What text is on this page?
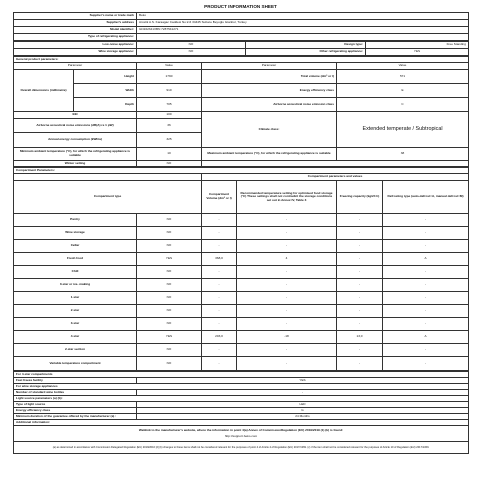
PRODUCT INFORMATION SHEET
Supplier's name or trade mark	Beko
Supplier's address	Arcelik A.S. Karaagac Caddesi No:2-6 34445 Sutluce Beyoglu Istanbul, Turkey
Model identifier:	GN162341XBN 7287541271
Type of refrigerating appliance:	
Low-noise appliance:	NO	Design type:	Free Standing
Wine storage appliance:	NO	Other refrigerating appliance:	YES
General product parameters:				
Parameter		Value	Parameter	Value
Overall dimensions (millimetre)	Height	1790	Total volume (dm³ or l)	571
	Width	910	Energy efficiency class	E
	Depth	705	Airborne acoustical noise emission class	C
EEI		100	Climate class:	Extended temperate / Subtropical
Airborne acoustical noise emissions (dB(A) re 1 pW)		36		
Annual energy consumption (kWh/a)		325		
Minimum ambient temperature (°C), for which the refrigerating appliance is suitable		10	Maximum ambient temperature (°C), for which the refrigerating appliance is suitable	38
Winter setting		NO		
Compartment Parameters:					
		Compartment parameters and values			
Compartment type		Compartment Volume (dm³ or l)	Recommended temperature setting for optimised food storage (°C) These settings shall not contradict the storage conditions set out in Annex IV, Table 3	Freezing capacity (kg/24 h)	Defrosting type (auto-defrost=A, manual defrost=M)
Pantry	NO	-	-	-	-
Wine storage	NO	-	-	-	-
Cellar	NO	-	-	-	-
Fresh food	YES	368,0	4	-	A
Chill	NO	-	-	-	-
0-star or ice- making	NO	-	-	-	-
1-star	NO	-	-	-	-
2-star	NO	-	-	-	-
3-star	NO	-	-	-	-
4-star	YES	203,0	-18	13,0	A
2-star section	NO	-	-	-	-
Variable temperature compartment	NO	-	-	-	-
For 4-star compartments	
Fast freeze facility	YES
For wine storage appliances	
Number of standard wine bottles	-
Light source parameters (a) (b):	
Type of light source	LED
Energy efficiency class	G
Minimum duration of the guarantee offered by the manufacturer (a) :	24 Months
Additional information:	

Weblink to the manufacturer's website, where the information in point 4(a) Annex of CommissionRegulation (EU) 2019/2019 (1) (b) is found:
http://support.beko.com	

(a) as determined in accordance with Commission Delegated Regulation (EU) 2019/2016 [2] (b) changes to these items shall not be considered relevant for the purposes of point 4 of Article 4 of Regulation (EU) 2017/1369. (c) if the item shall not be considered relevant for the purposes of Article 10 of Regulation (EU) 2017/1369.	
